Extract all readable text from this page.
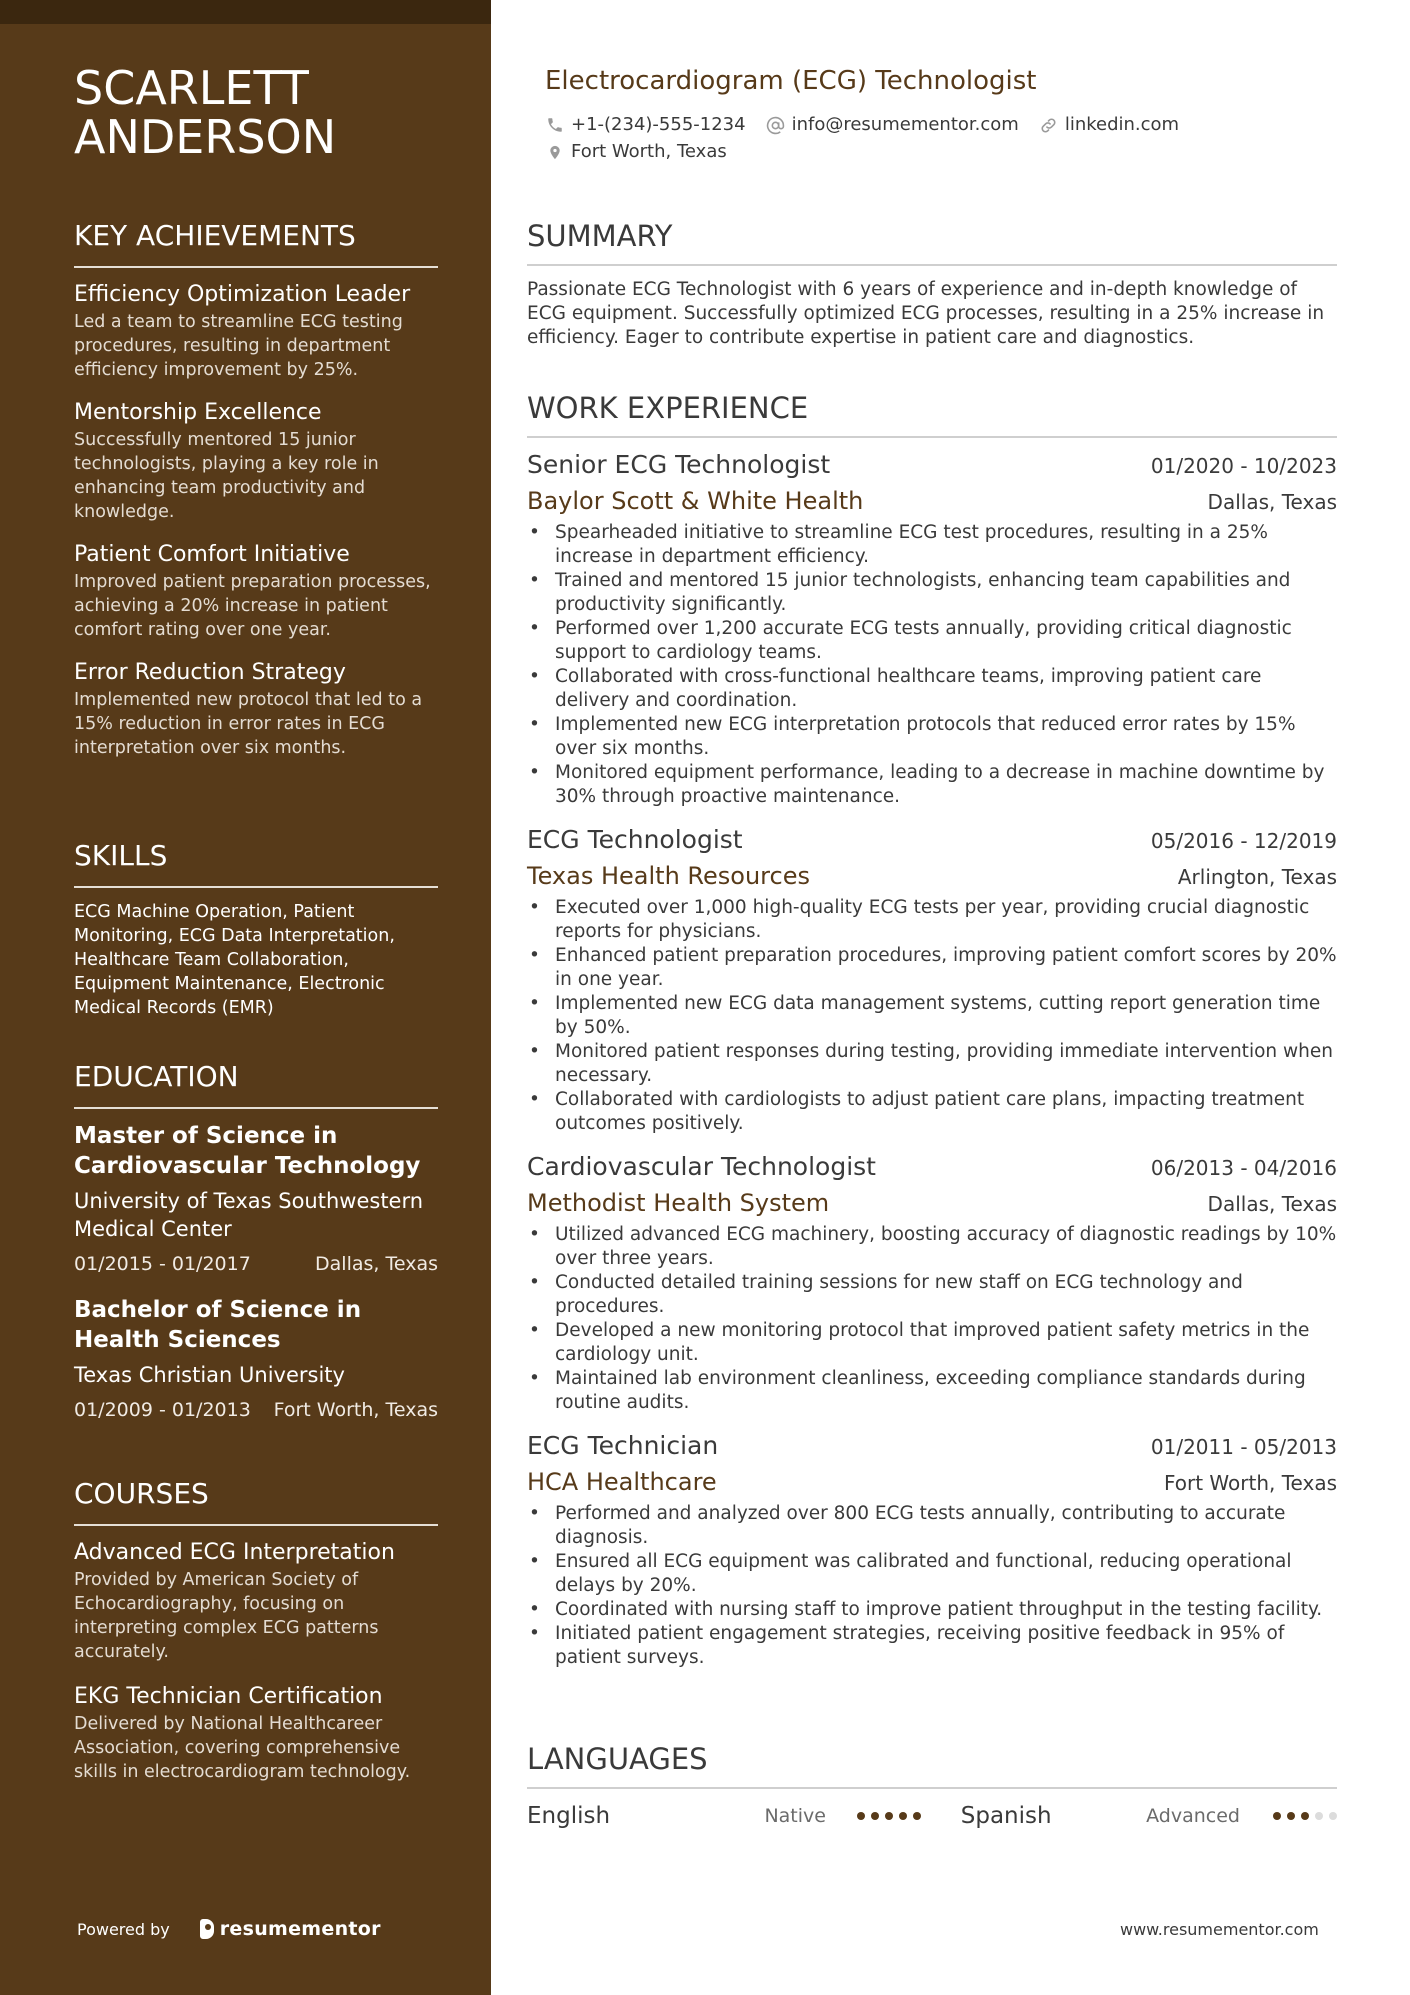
SCARLETT
ANDERSON
KEY ACHIEVEMENTS
Efficiency Optimization Leader
Led a team to streamline ECG testing procedures, resulting in department efficiency improvement by 25%.
Mentorship Excellence
Successfully mentored 15 junior technologists, playing a key role in enhancing team productivity and knowledge.
Patient Comfort Initiative
Improved patient preparation processes, achieving a 20% increase in patient comfort rating over one year.
Error Reduction Strategy
Implemented new protocol that led to a 15% reduction in error rates in ECG interpretation over six months.
SKILLS
ECG Machine Operation, Patient Monitoring, ECG Data Interpretation, Healthcare Team Collaboration, Equipment Maintenance, Electronic Medical Records (EMR)
EDUCATION
Master of Science in Cardiovascular Technology
University of Texas Southwestern Medical Center
01/2015 - 01/2017	Dallas, Texas
Bachelor of Science in Health Sciences
Texas Christian University
01/2009 - 01/2013 Fort Worth, Texas
COURSES
Advanced ECG Interpretation
Provided by American Society of Echocardiography, focusing on interpreting complex ECG patterns accurately.
EKG Technician Certification
Delivered by National Healthcareer Association, covering comprehensive skills in electrocardiogram technology.
Powered by	resumementor
Electrocardiogram (ECG) Technologist
+1-(234)-555-1234	info@resumementor.com	linkedin.com
Fort Worth, Texas
SUMMARY
Passionate ECG Technologist with 6 years of experience and in-depth knowledge of ECG equipment. Successfully optimized ECG processes, resulting in a 25% increase in efficiency. Eager to contribute expertise in patient care and diagnostics.
WORK EXPERIENCE
Senior ECG Technologist	01/2020 - 10/2023
Baylor Scott & White Health	Dallas, Texas
• Spearheaded initiative to streamline ECG test procedures, resulting in a 25% increase in department efficiency.
• Trained and mentored 15 junior technologists, enhancing team capabilities and productivity significantly.
• Performed over 1,200 accurate ECG tests annually, providing critical diagnostic support to cardiology teams.
• Collaborated with cross-functional healthcare teams, improving patient care delivery and coordination.
• Implemented new ECG interpretation protocols that reduced error rates by 15% over six months.
• Monitored equipment performance, leading to a decrease in machine downtime by 30% through proactive maintenance.
ECG Technologist	05/2016 - 12/2019
Texas Health Resources	Arlington, Texas
• Executed over 1,000 high-quality ECG tests per year, providing crucial diagnostic reports for physicians.
• Enhanced patient preparation procedures, improving patient comfort scores by 20% in one year.
• Implemented new ECG data management systems, cutting report generation time by 50%.
• Monitored patient responses during testing, providing immediate intervention when necessary.
• Collaborated with cardiologists to adjust patient care plans, impacting treatment outcomes positively.
Cardiovascular Technologist	06/2013 - 04/2016
Methodist Health System	Dallas, Texas
• Utilized advanced ECG machinery, boosting accuracy of diagnostic readings by 10% over three years.
• Conducted detailed training sessions for new staff on ECG technology and procedures.
• Developed a new monitoring protocol that improved patient safety metrics in the cardiology unit.
• Maintained lab environment cleanliness, exceeding compliance standards during routine audits.
ECG Technician	01/2011 - 05/2013
HCA Healthcare	Fort Worth, Texas
• Performed and analyzed over 800 ECG tests annually, contributing to accurate diagnosis.
• Ensured all ECG equipment was calibrated and functional, reducing operational delays by 20%.
• Coordinated with nursing staff to improve patient throughput in the testing facility.
• Initiated patient engagement strategies, receiving positive feedback in 95% of patient surveys.
LANGUAGES
English	Native	Spanish	Advanced
www.resumementor.com
